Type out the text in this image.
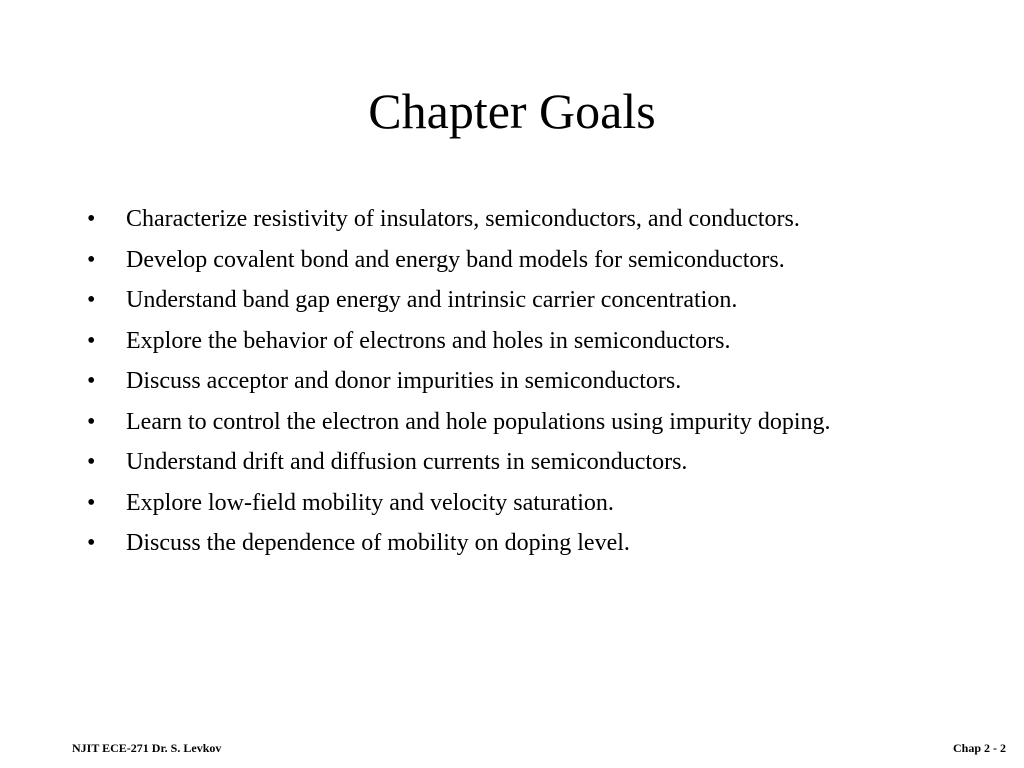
Chapter Goals
• Characterize resistivity of insulators, semiconductors, and conductors.
• Develop covalent bond and energy band models for semiconductors.
• Understand band gap energy and intrinsic carrier concentration.
• Explore the behavior of electrons and holes in semiconductors.
• Discuss acceptor and donor impurities in semiconductors.
• Learn to control the electron and hole populations using impurity doping.
• Understand drift and diffusion currents in semiconductors.
• Explore low-field mobility and velocity saturation.
• Discuss the dependence of mobility on doping level.
NJIT ECE-271 Dr. S. Levkov	Chap 2 - 2
